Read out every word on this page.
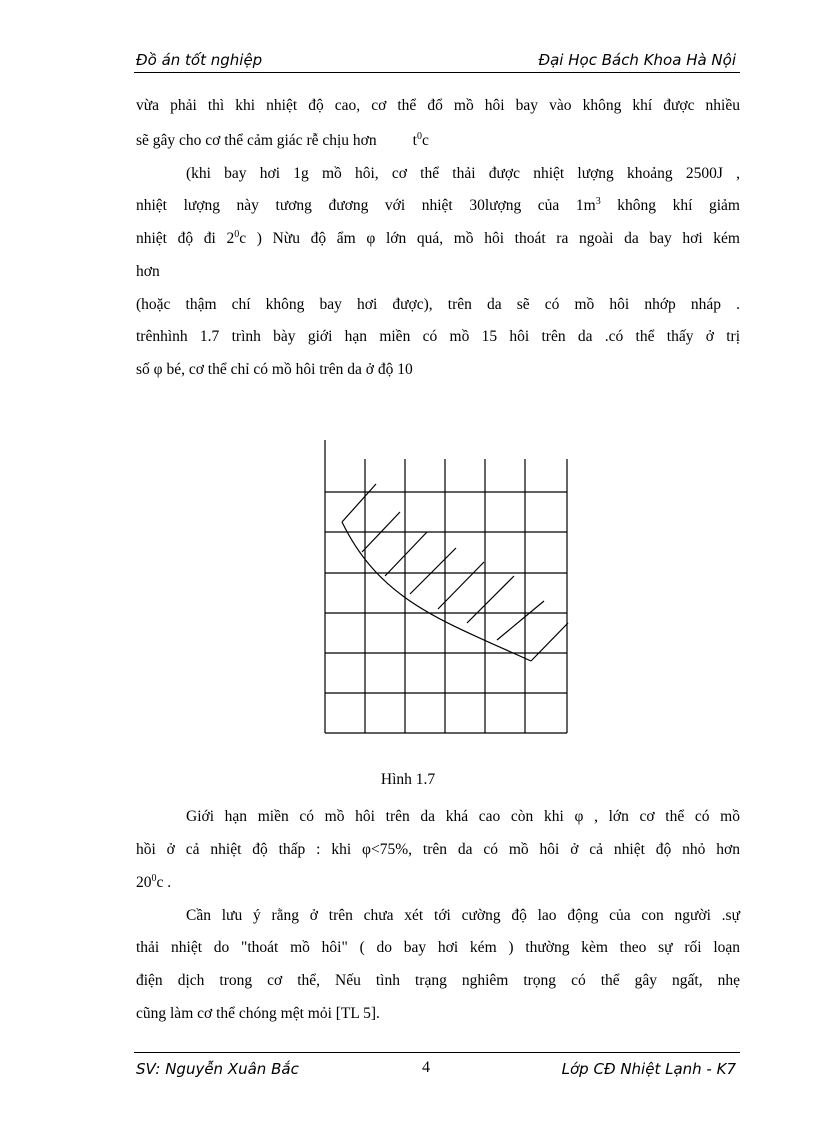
Đồ án tốt nghiệp	Đại Học Bách Khoa Hà Nội
vừa phải thì khi nhiệt độ cao, cơ thể đổ mồ hôi bay vào không khí được nhiều
sẽ gây cho cơ thể cảm giác rễ chịu hơn $t^0c$
(khi bay hơi 1g mồ hôi, cơ thể thải được nhiệt lượng khoảng 2500J ,
nhiệt lượng này tương đương với nhiệt 30lượng của $1m^3$ không khí giảm
nhiệt độ đi $2^0c$ ) Nừu độ ẩm φ lớn quá, mồ hôi thoát ra ngoài da bay hơi kém
hơn
(hoặc thậm chí không bay hơi được), trên da sẽ có mồ hôi nhớp nháp .
trênhình 1.7 trình bày giới hạn miền có mồ 15 hôi trên da .có thể thấy ở trị
số φ bé, cơ thể chỉ có mồ hôi trên da ở độ 10
Hình 1.7
Giới hạn miền có mồ hôi trên da khá cao còn khi φ , lớn cơ thể có mồ
hồi ở cả nhiệt độ thấp : khi φ<75%, trên da có mồ hôi ở cả nhiệt độ nhỏ hơn
$20^0c$ .
Cần lưu ý rằng ở trên chưa xét tới cường độ lao động của con người .sự
thải nhiệt do "thoát mồ hôi" ( do bay hơi kém ) thường kèm theo sự rối loạn
điện dịch trong cơ thể, Nếu tình trạng nghiêm trọng có thể gây ngất, nhẹ
cũng làm cơ thể chóng mệt mỏi [TL 5].
SV: Nguyễn Xuân Bắc	4	Lớp CĐ Nhiệt Lạnh - K7
